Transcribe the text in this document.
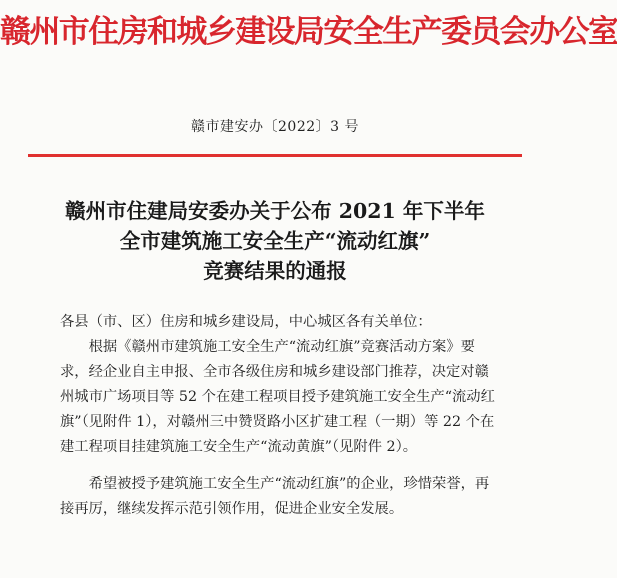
赣州市住房和城乡建设局安全生产委员会办公室
赣市建安办〔2022〕3 号
赣州市住建局安委办关于公布 2021 年下半年
全市建筑施工安全生产“流动红旗”
竞赛结果的通报

各县（市、区）住房和城乡建设局，中心城区各有关单位：

根据《赣州市建筑施工安全生产“流动红旗”竞赛活动方案》要求，经企业自主申报、全市各级住房和城乡建设部门推荐，决定对赣州城市广场项目等 52 个在建工程项目授予建筑施工安全生产“流动红旗”（见附件 1），对赣州三中赞贤路小区扩建工程（一期）等 22 个在建工程项目挂建筑施工安全生产“流动黄旗”（见附件 2）。

希望被授予建筑施工安全生产“流动红旗”的企业，珍惜荣誉，再接再厉，继续发挥示范引领作用，促进企业安全发展。
